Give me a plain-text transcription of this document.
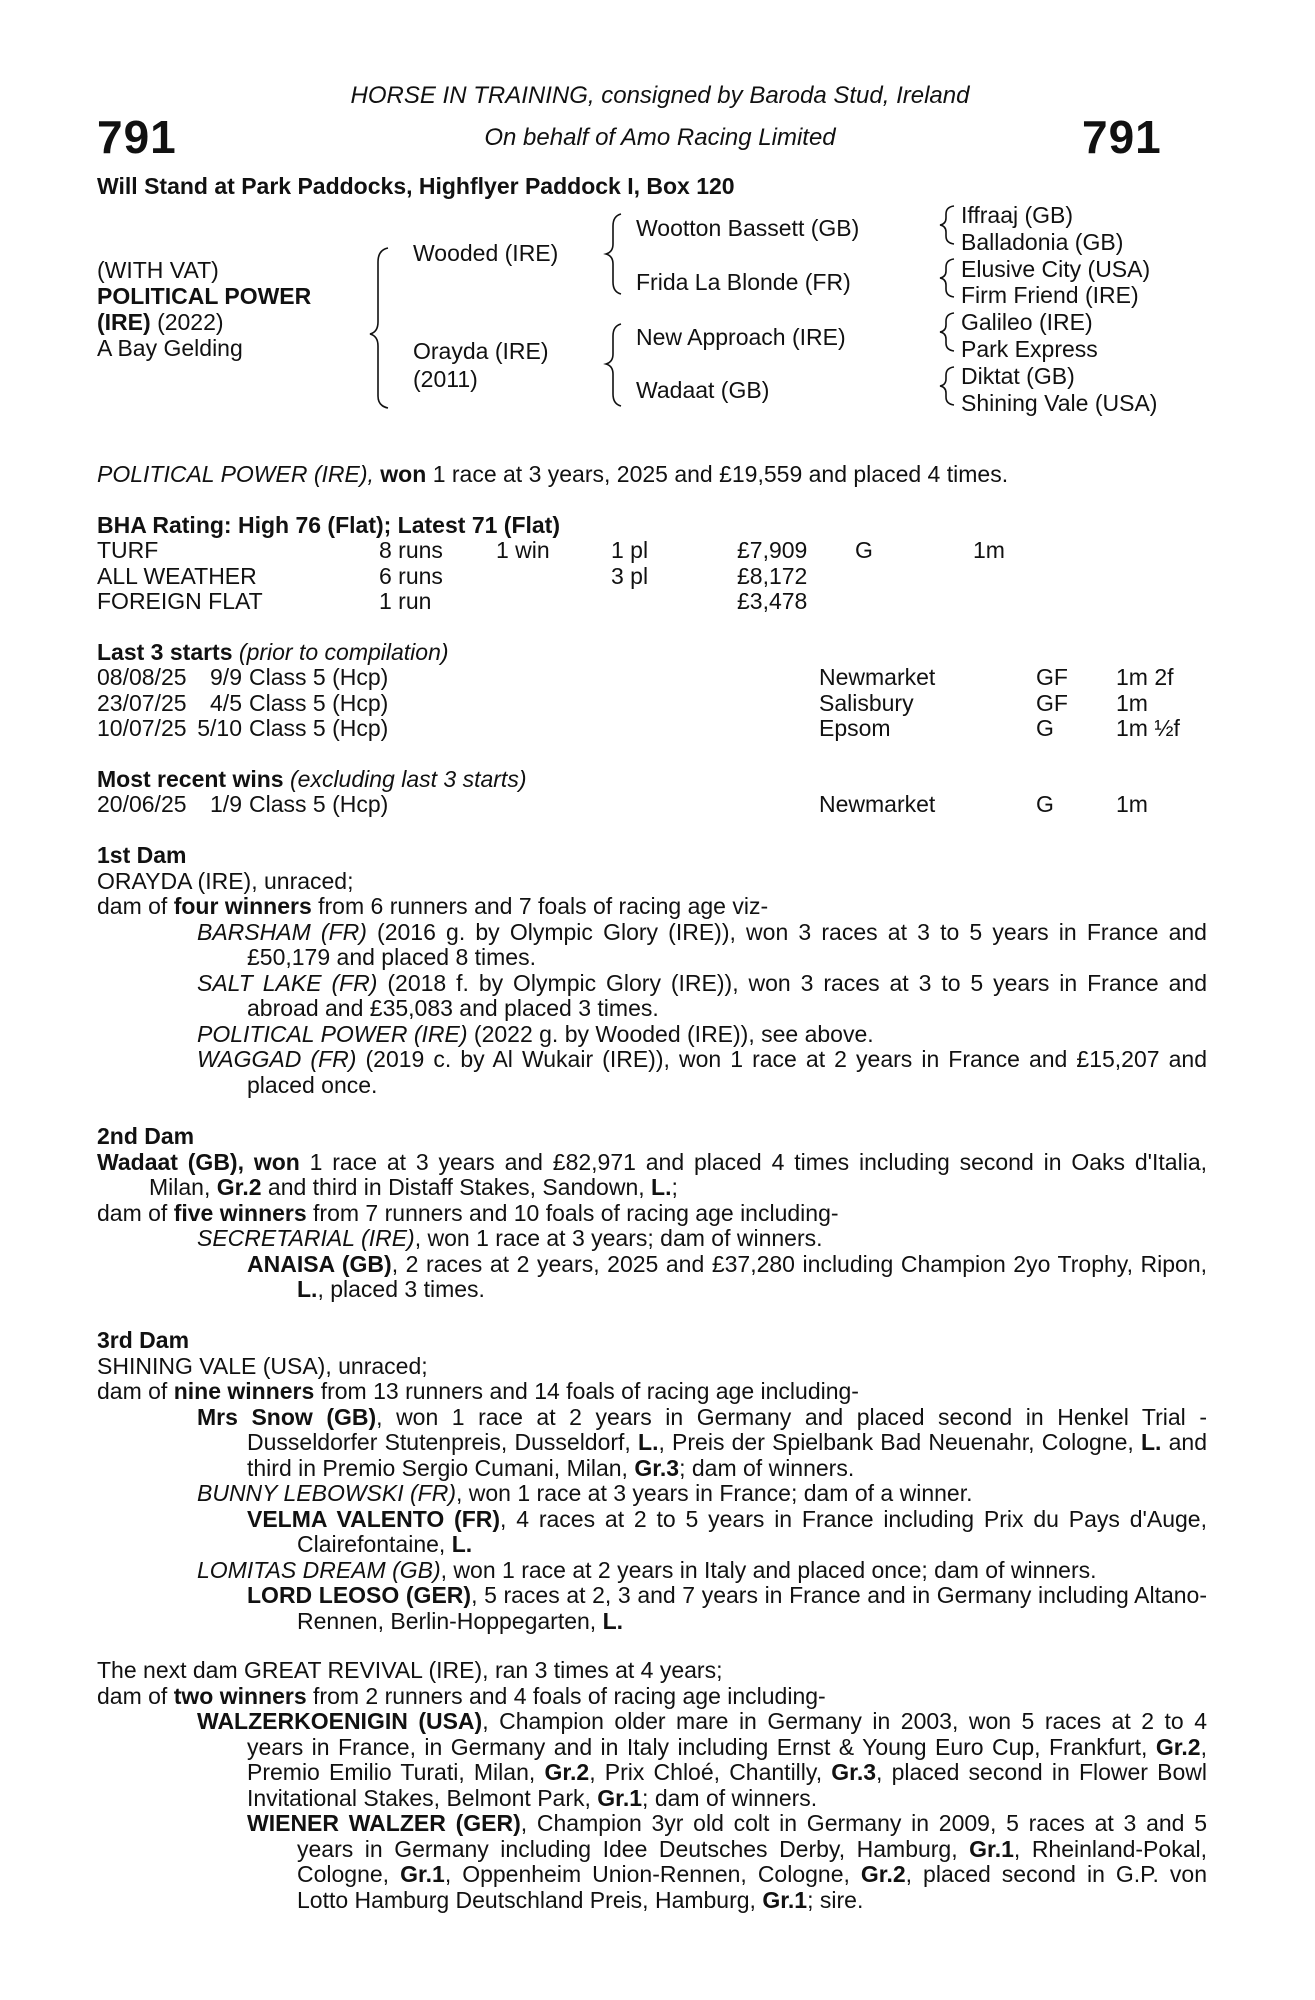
791	791
HORSE IN TRAINING, consigned by Baroda Stud, Ireland
On behalf of Amo Racing Limited
Will Stand at Park Paddocks, Highflyer Paddock I, Box 120
(WITH VAT)
POLITICAL POWER
(IRE) (2022)
A Bay Gelding
Wooded (IRE)
Orayda (IRE)
(2011)
Wootton Bassett (GB)
Frida La Blonde (FR)
New Approach (IRE)
Wadaat (GB)
Iffraaj (GB)
Balladonia (GB)
Elusive City (USA)
Firm Friend (IRE)
Galileo (IRE)
Park Express
Diktat (GB)
Shining Vale (USA)
POLITICAL POWER (IRE), won 1 race at 3 years, 2025 and £19,559 and placed 4 times.
BHA Rating: High 76 (Flat); Latest 71 (Flat)
TURF	8 runs 1 win	1 pl	£7,909 G	1m
ALL WEATHER	6 runs	3 pl	£8,172
FOREIGN FLAT	1 run	£3,478
Last 3 starts (prior to compilation)
08/08/25	9/9 Class 5 (Hcp)	Newmarket	GF 1m 2f
23/07/25	4/5 Class 5 (Hcp)	Salisbury	GF 1m
10/07/25 5/10 Class 5 (Hcp)	Epsom	G	1m ½f
Most recent wins (excluding last 3 starts)
20/06/25	1/9 Class 5 (Hcp)	Newmarket	G	1m

1st Dam

ORAYDA (IRE), unraced;

dam of four winners from 6 runners and 7 foals of racing age viz-

BARSHAM (FR) (2016 g. by Olympic Glory (IRE)), won 3 races at 3 to 5 years in France and £50,179 and placed 8 times.

SALT LAKE (FR) (2018 f. by Olympic Glory (IRE)), won 3 races at 3 to 5 years in France and abroad and £35,083 and placed 3 times.

POLITICAL POWER (IRE) (2022 g. by Wooded (IRE)), see above.

WAGGAD (FR) (2019 c. by Al Wukair (IRE)), won 1 race at 2 years in France and £15,207 and placed once.

2nd Dam

Wadaat (GB), won 1 race at 3 years and £82,971 and placed 4 times including second in Oaks d'Italia, Milan, Gr.2 and third in Distaff Stakes, Sandown, L.;

dam of five winners from 7 runners and 10 foals of racing age including-

SECRETARIAL (IRE), won 1 race at 3 years; dam of winners.

ANAISA (GB), 2 races at 2 years, 2025 and £37,280 including Champion 2yo Trophy, Ripon, L., placed 3 times.

3rd Dam

SHINING VALE (USA), unraced;

dam of nine winners from 13 runners and 14 foals of racing age including-

Mrs Snow (GB), won 1 race at 2 years in Germany and placed second in Henkel Trial - Dusseldorfer Stutenpreis, Dusseldorf, L., Preis der Spielbank Bad Neuenahr, Cologne, L. and third in Premio Sergio Cumani, Milan, Gr.3; dam of winners.

BUNNY LEBOWSKI (FR), won 1 race at 3 years in France; dam of a winner.

VELMA VALENTO (FR), 4 races at 2 to 5 years in France including Prix du Pays d'Auge, Clairefontaine, L.

LOMITAS DREAM (GB), won 1 race at 2 years in Italy and placed once; dam of winners.

LORD LEOSO (GER), 5 races at 2, 3 and 7 years in France and in Germany including Altano-Rennen, Berlin-Hoppegarten, L.

The next dam GREAT REVIVAL (IRE), ran 3 times at 4 years;

dam of two winners from 2 runners and 4 foals of racing age including-

WALZERKOENIGIN (USA), Champion older mare in Germany in 2003, won 5 races at 2 to 4 years in France, in Germany and in Italy including Ernst & Young Euro Cup, Frankfurt, Gr.2, Premio Emilio Turati, Milan, Gr.2, Prix Chloé, Chantilly, Gr.3, placed second in Flower Bowl Invitational Stakes, Belmont Park, Gr.1; dam of winners.

WIENER WALZER (GER), Champion 3yr old colt in Germany in 2009, 5 races at 3 and 5 years in Germany including Idee Deutsches Derby, Hamburg, Gr.1, Rheinland-Pokal, Cologne, Gr.1, Oppenheim Union-Rennen, Cologne, Gr.2, placed second in G.P. von Lotto Hamburg Deutschland Preis, Hamburg, Gr.1; sire.
